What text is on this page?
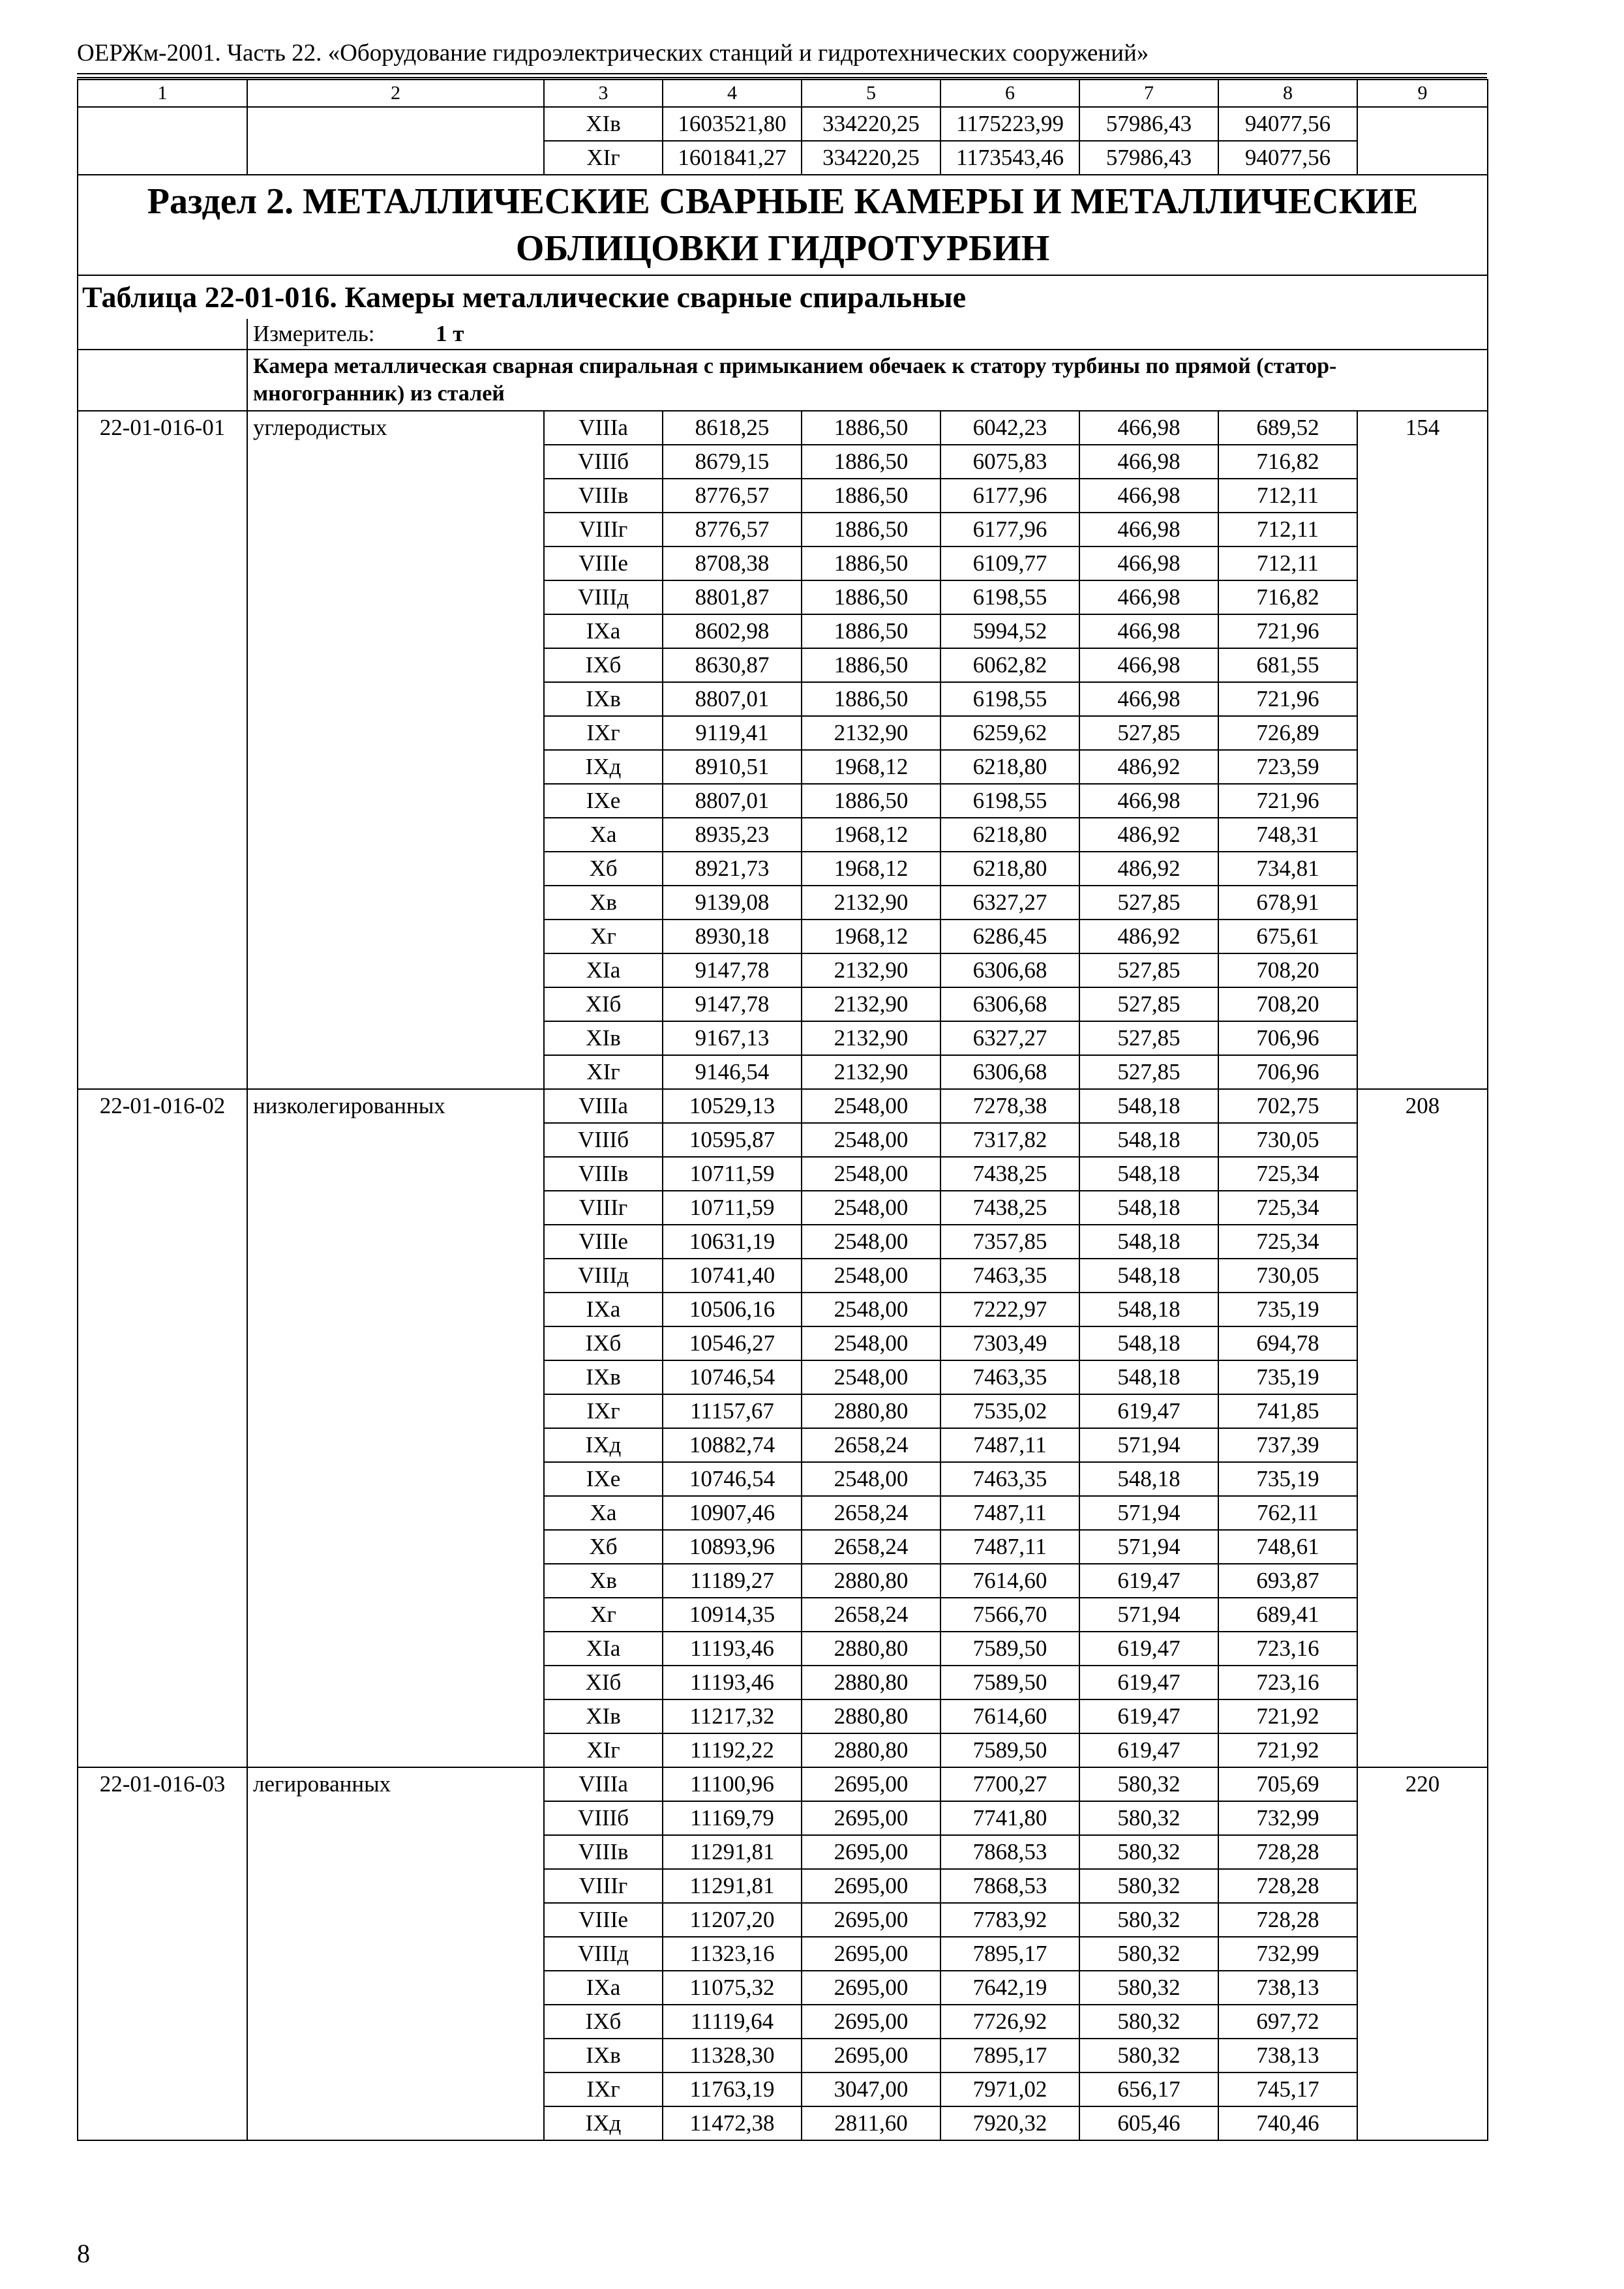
ОЕРЖм-2001. Часть 22. «Оборудование гидроэлектрических станций и гидротехнических сооружений»
1	2	3	4	5	6	7	8	9
		XIв	1603521,80	334220,25	1175223,99	57986,43	94077,56	
		XIг	1601841,27	334220,25	1173543,46	57986,43	94077,56	
Раздел 2. МЕТАЛЛИЧЕСКИЕ СВАРНЫЕ КАМЕРЫ И МЕТАЛЛИЧЕСКИЕ ОБЛИЦОВКИ ГИДРОТУРБИН								
Таблица 22-01-016. Камеры металлические сварные спиральные								
	Измеритель: 1 т							
	Камера металлическая сварная спиральная с примыканием обечаек к статору турбины по прямой (статор-многогранник) из сталей							
22-01-016-01	углеродистых	VIIIа	8618,25	1886,50	6042,23	466,98	689,52	154
		VIIIб	8679,15	1886,50	6075,83	466,98	716,82	
		VIIIв	8776,57	1886,50	6177,96	466,98	712,11	
		VIIIг	8776,57	1886,50	6177,96	466,98	712,11	
		VIIIе	8708,38	1886,50	6109,77	466,98	712,11	
		VIIIд	8801,87	1886,50	6198,55	466,98	716,82	
		IXа	8602,98	1886,50	5994,52	466,98	721,96	
		IXб	8630,87	1886,50	6062,82	466,98	681,55	
		IXв	8807,01	1886,50	6198,55	466,98	721,96	
		IXг	9119,41	2132,90	6259,62	527,85	726,89	
		IXд	8910,51	1968,12	6218,80	486,92	723,59	
		IXе	8807,01	1886,50	6198,55	466,98	721,96	
		Xа	8935,23	1968,12	6218,80	486,92	748,31	
		Xб	8921,73	1968,12	6218,80	486,92	734,81	
		Xв	9139,08	2132,90	6327,27	527,85	678,91	
		Xг	8930,18	1968,12	6286,45	486,92	675,61	
		XIа	9147,78	2132,90	6306,68	527,85	708,20	
		XIб	9147,78	2132,90	6306,68	527,85	708,20	
		XIв	9167,13	2132,90	6327,27	527,85	706,96	
		XIг	9146,54	2132,90	6306,68	527,85	706,96	
22-01-016-02	низколегированных	VIIIа	10529,13	2548,00	7278,38	548,18	702,75	208
		VIIIб	10595,87	2548,00	7317,82	548,18	730,05	
		VIIIв	10711,59	2548,00	7438,25	548,18	725,34	
		VIIIг	10711,59	2548,00	7438,25	548,18	725,34	
		VIIIе	10631,19	2548,00	7357,85	548,18	725,34	
		VIIIд	10741,40	2548,00	7463,35	548,18	730,05	
		IXа	10506,16	2548,00	7222,97	548,18	735,19	
		IXб	10546,27	2548,00	7303,49	548,18	694,78	
		IXв	10746,54	2548,00	7463,35	548,18	735,19	
		IXг	11157,67	2880,80	7535,02	619,47	741,85	
		IXд	10882,74	2658,24	7487,11	571,94	737,39	
		IXе	10746,54	2548,00	7463,35	548,18	735,19	
		Xа	10907,46	2658,24	7487,11	571,94	762,11	
		Xб	10893,96	2658,24	7487,11	571,94	748,61	
		Xв	11189,27	2880,80	7614,60	619,47	693,87	
		Xг	10914,35	2658,24	7566,70	571,94	689,41	
		XIа	11193,46	2880,80	7589,50	619,47	723,16	
		XIб	11193,46	2880,80	7589,50	619,47	723,16	
		XIв	11217,32	2880,80	7614,60	619,47	721,92	
		XIг	11192,22	2880,80	7589,50	619,47	721,92	
22-01-016-03	легированных	VIIIа	11100,96	2695,00	7700,27	580,32	705,69	220
		VIIIб	11169,79	2695,00	7741,80	580,32	732,99	
		VIIIв	11291,81	2695,00	7868,53	580,32	728,28	
		VIIIг	11291,81	2695,00	7868,53	580,32	728,28	
		VIIIе	11207,20	2695,00	7783,92	580,32	728,28	
		VIIIд	11323,16	2695,00	7895,17	580,32	732,99	
		IXа	11075,32	2695,00	7642,19	580,32	738,13	
		IXб	11119,64	2695,00	7726,92	580,32	697,72	
		IXв	11328,30	2695,00	7895,17	580,32	738,13	
		IXг	11763,19	3047,00	7971,02	656,17	745,17	
		IXд	11472,38	2811,60	7920,32	605,46	740,46	
8
